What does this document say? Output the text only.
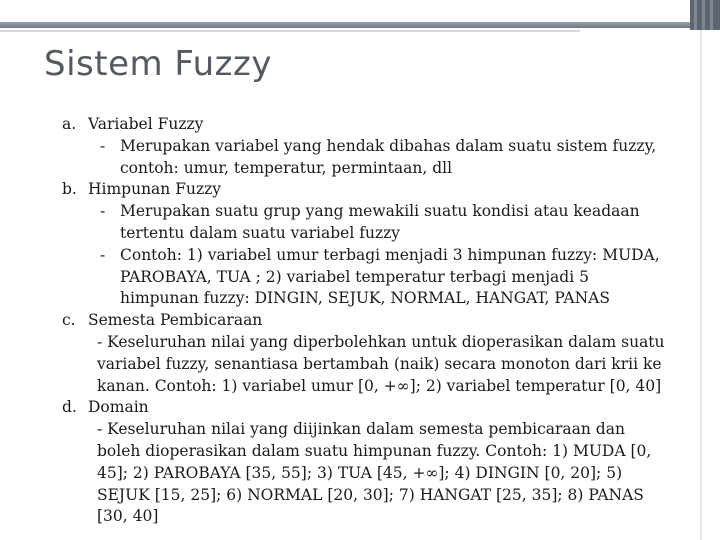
Sistem Fuzzy
a. Variabel Fuzzy
- Merupakan variabel yang hendak dibahas dalam suatu sistem fuzzy,
contoh: umur, temperatur, permintaan, dll
b. Himpunan Fuzzy
- Merupakan suatu grup yang mewakili suatu kondisi atau keadaan
tertentu dalam suatu variabel fuzzy
- Contoh: 1) variabel umur terbagi menjadi 3 himpunan fuzzy: MUDA,
PAROBAYA, TUA ; 2) variabel temperatur terbagi menjadi 5
himpunan fuzzy: DINGIN, SEJUK, NORMAL, HANGAT, PANAS
c. Semesta Pembicaraan
- Keseluruhan nilai yang diperbolehkan untuk dioperasikan dalam suatu
variabel fuzzy, senantiasa bertambah (naik) secara monoton dari krii ke
kanan. Contoh: 1) variabel umur [0, +∞]; 2) variabel temperatur [0, 40]
d. Domain
- Keseluruhan nilai yang diijinkan dalam semesta pembicaraan dan
boleh dioperasikan dalam suatu himpunan fuzzy. Contoh: 1) MUDA [0,
45]; 2) PAROBAYA [35, 55]; 3) TUA [45, +∞]; 4) DINGIN [0, 20]; 5)
SEJUK [15, 25]; 6) NORMAL [20, 30]; 7) HANGAT [25, 35]; 8) PANAS
[30, 40]
